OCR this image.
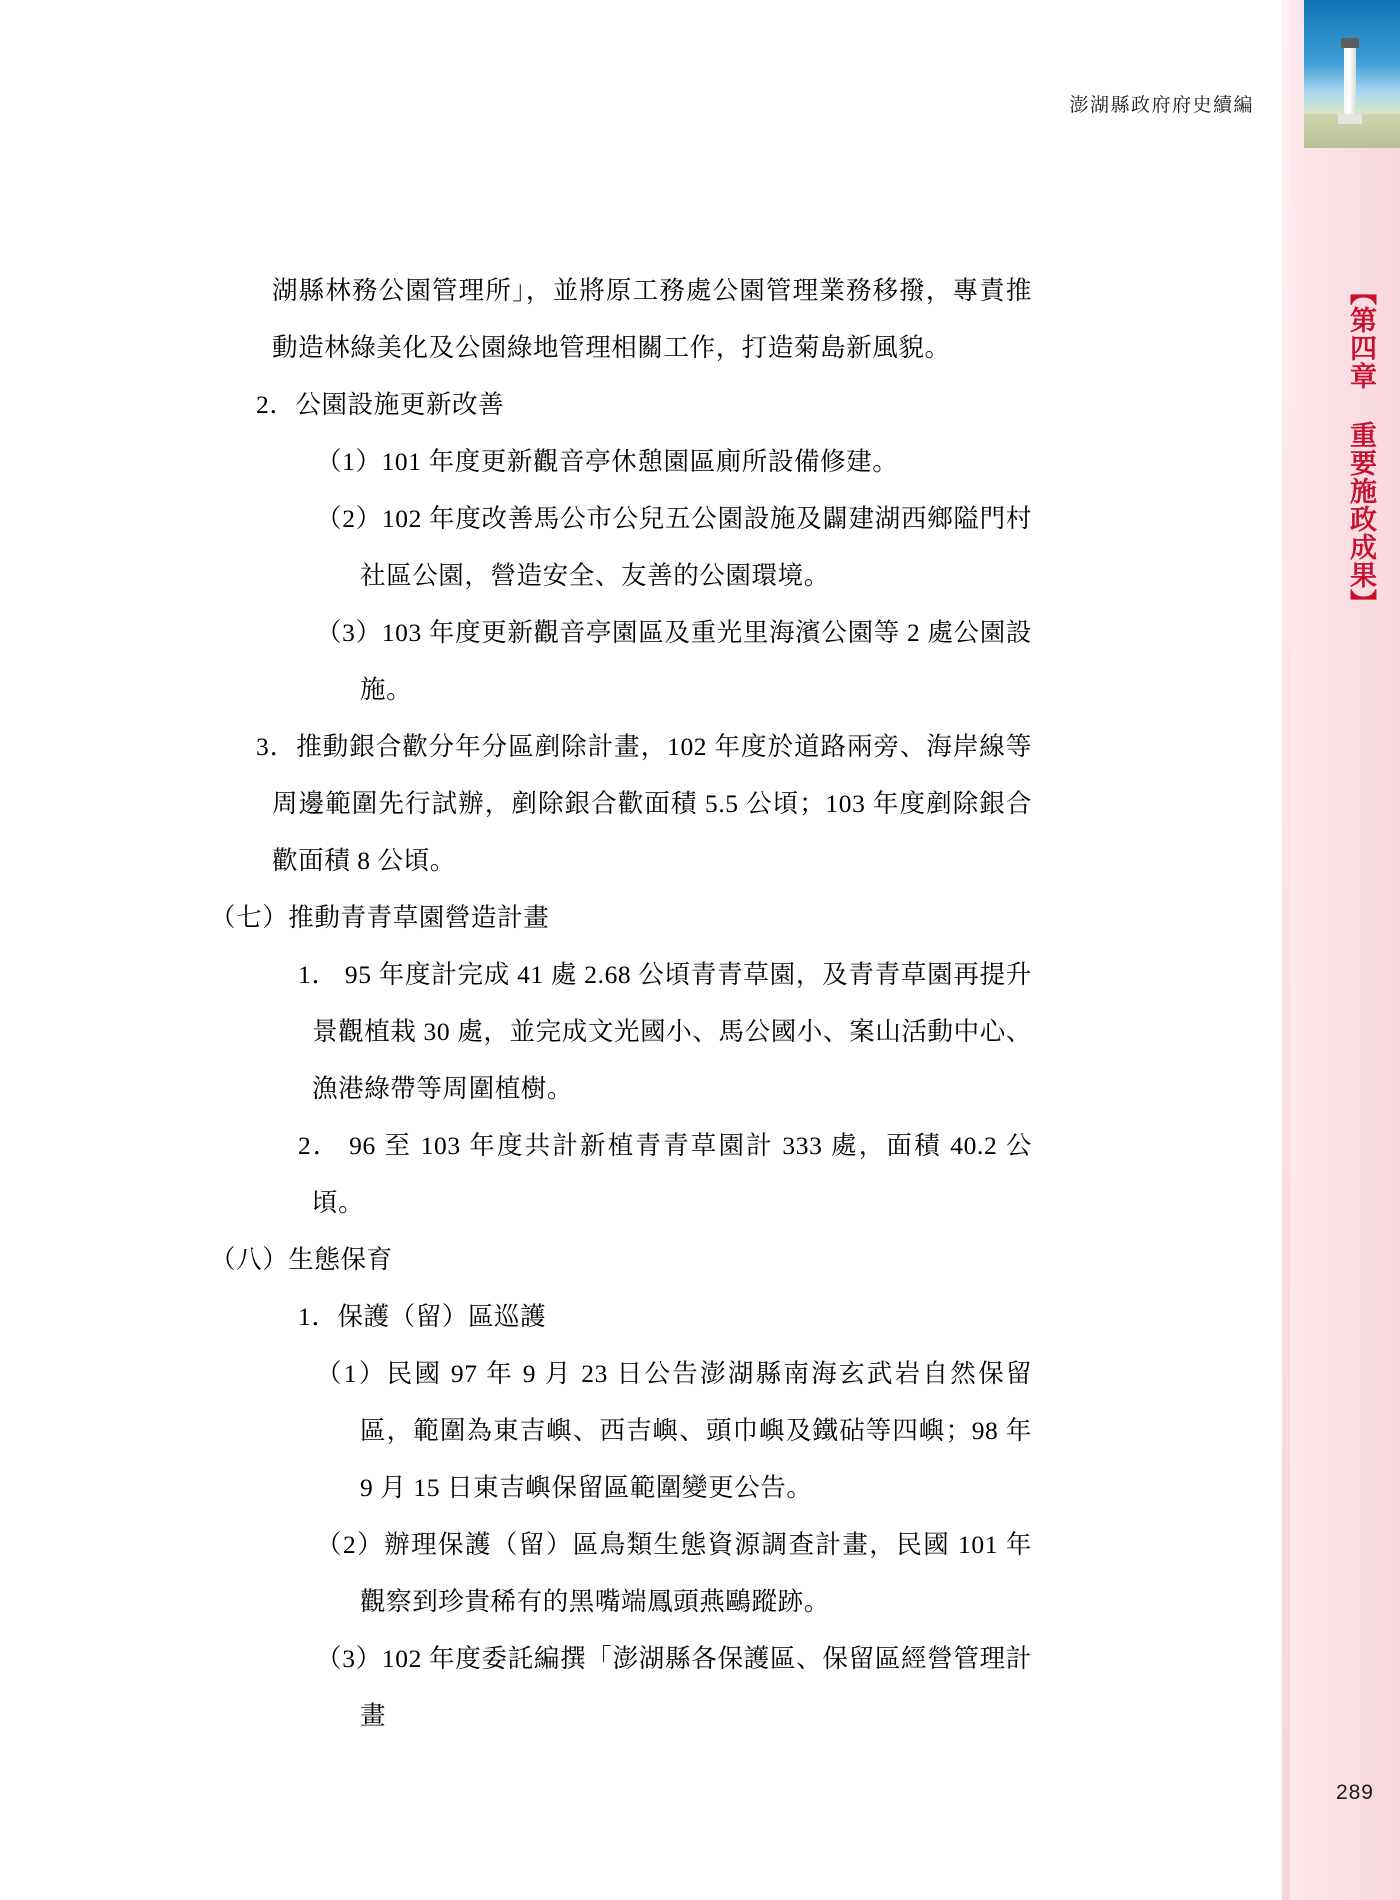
【第四章 重要施政成果】
澎湖縣政府府史續編

湖縣林務公園管理所」，並將原工務處公園管理業務移撥，專責推動造林綠美化及公園綠地管理相關工作，打造菊島新風貌。

2．公園設施更新改善

（1）101 年度更新觀音亭休憩園區廁所設備修建。

（2）102 年度改善馬公市公兒五公園設施及闢建湖西鄉隘門村社區公園，營造安全、友善的公園環境。

（3）103 年度更新觀音亭園區及重光里海濱公園等 2 處公園設施。

3．推動銀合歡分年分區剷除計畫，102 年度於道路兩旁、海岸線等周邊範圍先行試辦，剷除銀合歡面積 5.5 公頃；103 年度剷除銀合歡面積 8 公頃。

（七）推動青青草園營造計畫

1． 95 年度計完成 41 處 2.68 公頃青青草園，及青青草園再提升景觀植栽 30 處，並完成文光國小、馬公國小、案山活動中心、漁港綠帶等周圍植樹。

2． 96 至 103 年度共計新植青青草園計 333 處，面積 40.2 公頃。

（八）生態保育

1．保護（留）區巡護

（1）民國 97 年 9 月 23 日公告澎湖縣南海玄武岩自然保留區，範圍為東吉嶼、西吉嶼、頭巾嶼及鐵砧等四嶼；98 年 9 月 15 日東吉嶼保留區範圍變更公告。

（2）辦理保護（留）區鳥類生態資源調查計畫，民國 101 年觀察到珍貴稀有的黑嘴端鳳頭燕鷗蹤跡。

（3）102 年度委託編撰「澎湖縣各保護區、保留區經營管理計畫

289
